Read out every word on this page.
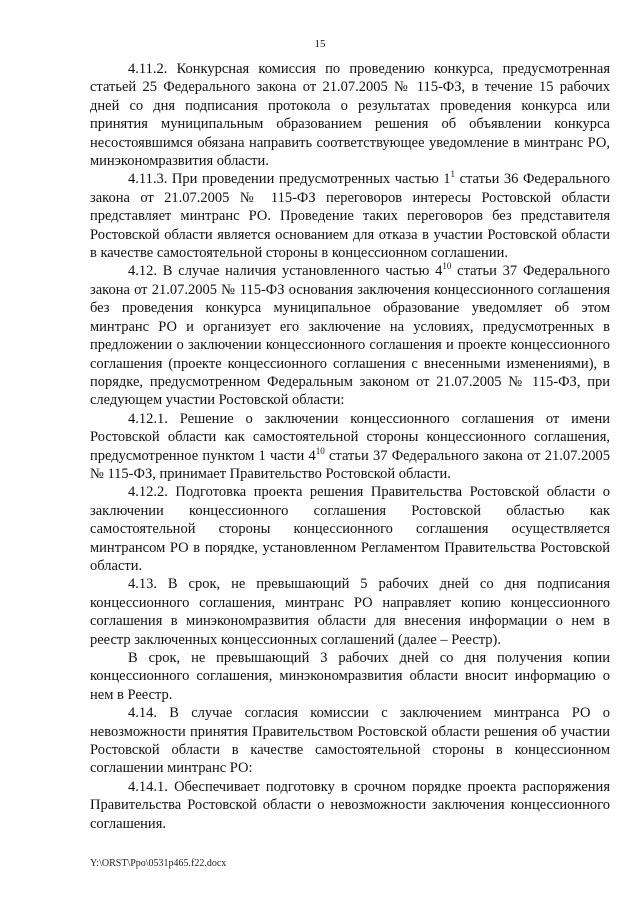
15

4.11.2. Конкурсная комиссия по проведению конкурса, предусмотренная статьей 25 Федерального закона от 21.07.2005 № 115-ФЗ, в течение 15 рабочих дней со дня подписания протокола о результатах проведения конкурса или принятия муниципальным образованием решения об объявлении конкурса несостоявшимся обязана направить соответствующее уведомление в минтранс РО, минэкономразвития области.

4.11.3. При проведении предусмотренных частью $1^1$ статьи 36 Федерального закона от 21.07.2005 № 115-ФЗ переговоров интересы Ростовской области представляет минтранс РО. Проведение таких переговоров без представителя Ростовской области является основанием для отказа в участии Ростовской области в качестве самостоятельной стороны в концессионном соглашении.

4.12. В случае наличия установленного частью $4^{10}$ статьи 37 Федерального закона от 21.07.2005 № 115-ФЗ основания заключения концессионного соглашения без проведения конкурса муниципальное образование уведомляет об этом минтранс РО и организует его заключение на условиях, предусмотренных в предложении о заключении концессионного соглашения и проекте концессионного соглашения (проекте концессионного соглашения с внесенными изменениями), в порядке, предусмотренном Федеральным законом от 21.07.2005 № 115-ФЗ, при следующем участии Ростовской области:

4.12.1. Решение о заключении концессионного соглашения от имени Ростовской области как самостоятельной стороны концессионного соглашения, предусмотренное пунктом 1 части $4^{10}$ статьи 37 Федерального закона от 21.07.2005 № 115-ФЗ, принимает Правительство Ростовской области.

4.12.2. Подготовка проекта решения Правительства Ростовской области о заключении концессионного соглашения Ростовской областью как самостоятельной стороны концессионного соглашения осуществляется минтрансом РО в порядке, установленном Регламентом Правительства Ростовской области.

4.13. В срок, не превышающий 5 рабочих дней со дня подписания концессионного соглашения, минтранс РО направляет копию концессионного соглашения в минэкономразвития области для внесения информации о нем в реестр заключенных концессионных соглашений (далее – Реестр).

В срок, не превышающий 3 рабочих дней со дня получения копии концессионного соглашения, минэкономразвития области вносит информацию о нем в Реестр.

4.14. В случае согласия комиссии с заключением минтранса РО о невозможности принятия Правительством Ростовской области решения об участии Ростовской области в качестве самостоятельной стороны в концессионном соглашении минтранс РО:

4.14.1. Обеспечивает подготовку в срочном порядке проекта распоряжения Правительства Ростовской области о невозможности заключения концессионного соглашения.

Y:\ORST\Ppo\0531p465.f22.docx
